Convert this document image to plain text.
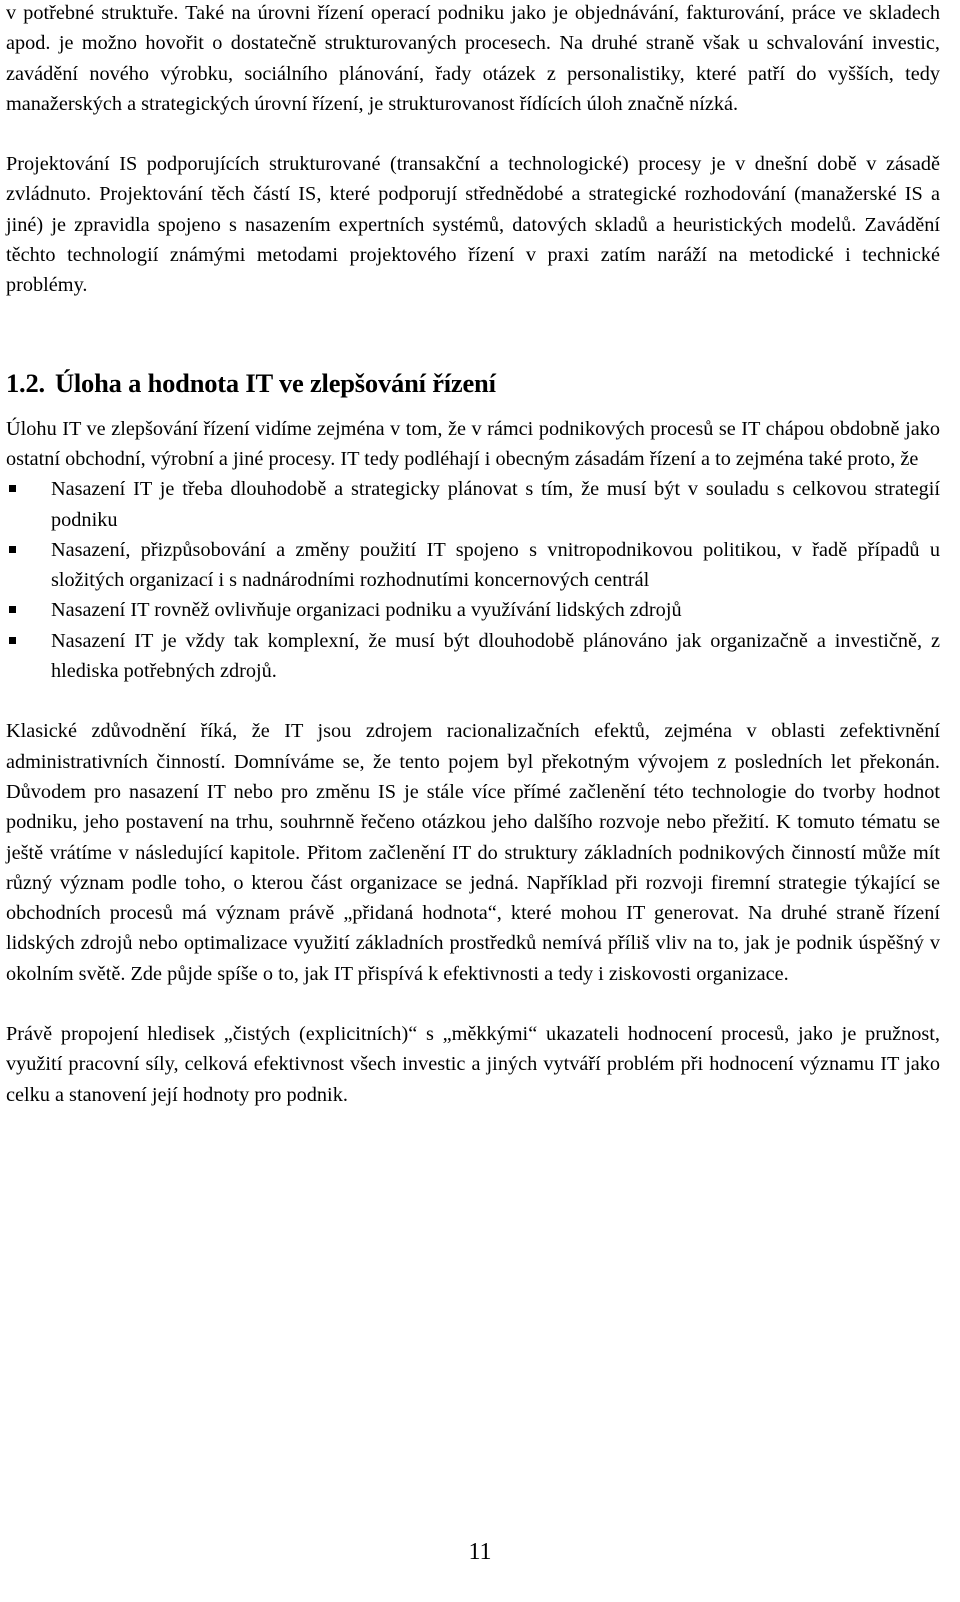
v potřebné struktuře. Také na úrovni řízení operací podniku jako je objednávání, fakturování, práce ve skladech apod. je možno hovořit o dostatečně strukturovaných procesech. Na druhé straně však u schvalování investic, zavádění nového výrobku, sociálního plánování, řady otázek z personalistiky, které patří do vyšších, tedy manažerských a strategických úrovní řízení, je strukturovanost řídících úloh značně nízká.

Projektování IS podporujících strukturované (transakční a technologické) procesy je v dnešní době v zásadě zvládnuto. Projektování těch částí IS, které podporují střednědobé a strategické rozhodování (manažerské IS a jiné) je zpravidla spojeno s nasazením expertních systémů, datových skladů a heuristických modelů. Zavádění těchto technologií známými metodami projektového řízení v praxi zatím naráží na metodické i technické problémy.

1.2. Úloha a hodnota IT ve zlepšování řízení

Úlohu IT ve zlepšování řízení vidíme zejména v tom, že v rámci podnikových procesů se IT chápou obdobně jako ostatní obchodní, výrobní a jiné procesy. IT tedy podléhají i obecným zásadám řízení a to zejména také proto, že

Nasazení IT je třeba dlouhodobě a strategicky plánovat s tím, že musí být v souladu s celkovou strategií podniku
Nasazení, přizpůsobování a změny použití IT spojeno s vnitropodnikovou politikou, v řadě případů u složitých organizací i s nadnárodními rozhodnutími koncernových centrál
Nasazení IT rovněž ovlivňuje organizaci podniku a využívání lidských zdrojů
Nasazení IT je vždy tak komplexní, že musí být dlouhodobě plánováno jak organizačně a investičně, z hlediska potřebných zdrojů.

Klasické zdůvodnění říká, že IT jsou zdrojem racionalizačních efektů, zejména v oblasti zefektivnění administrativních činností. Domníváme se, že tento pojem byl překotným vývojem z posledních let překonán. Důvodem pro nasazení IT nebo pro změnu IS je stále více přímé začlenění této technologie do tvorby hodnot podniku, jeho postavení na trhu, souhrnně řečeno otázkou jeho dalšího rozvoje nebo přežití. K tomuto tématu se ještě vrátíme v následující kapitole. Přitom začlenění IT do struktury základních podnikových činností může mít různý význam podle toho, o kterou část organizace se jedná. Například při rozvoji firemní strategie týkající se obchodních procesů má význam právě „přidaná hodnota“, které mohou IT generovat. Na druhé straně řízení lidských zdrojů nebo optimalizace využití základních prostředků nemívá příliš vliv na to, jak je podnik úspěšný v okolním světě. Zde půjde spíše o to, jak IT přispívá k efektivnosti a tedy i ziskovosti organizace.

Právě propojení hledisek „čistých (explicitních)“ s „měkkými“ ukazateli hodnocení procesů, jako je pružnost, využití pracovní síly, celková efektivnost všech investic a jiných vytváří problém při hodnocení významu IT jako celku a stanovení její hodnoty pro podnik.

11
